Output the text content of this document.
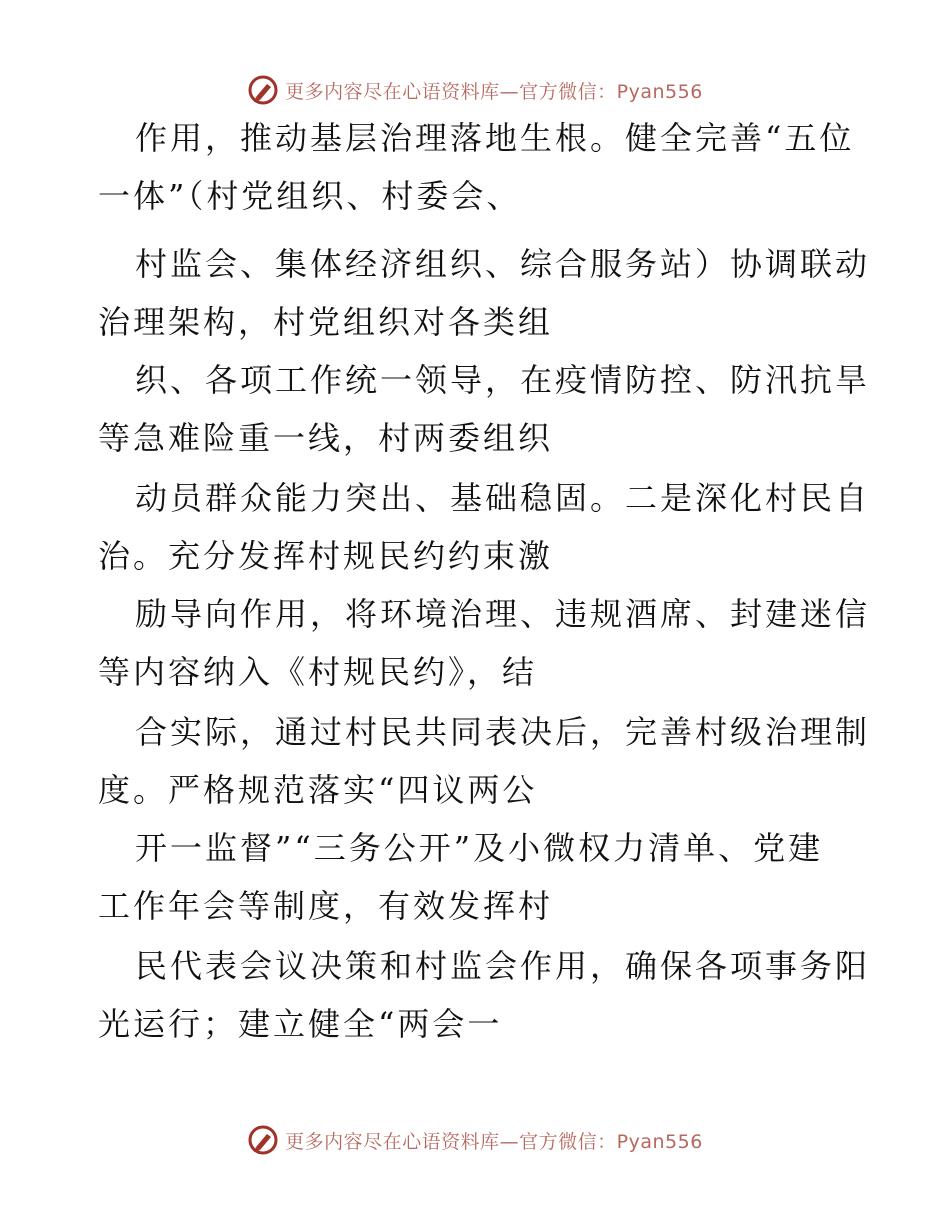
更多内容尽在心语资料库—官方微信：Pyan556
作用，推动基层治理落地生根。健全完善“五位
一体”（村党组织、村委会、
村监会、集体经济组织、综合服务站）协调联动
治理架构，村党组织对各类组
织、各项工作统一领导，在疫情防控、防汛抗旱
等急难险重一线，村两委组织
动员群众能力突出、基础稳固。二是深化村民自
治。充分发挥村规民约约束激
励导向作用，将环境治理、违规酒席、封建迷信
等内容纳入《村规民约》，结
合实际，通过村民共同表决后，完善村级治理制
度。严格规范落实“四议两公
开一监督”“三务公开”及小微权力清单、党建
工作年会等制度，有效发挥村
民代表会议决策和村监会作用，确保各项事务阳
光运行；建立健全“两会一
更多内容尽在心语资料库—官方微信：Pyan556
